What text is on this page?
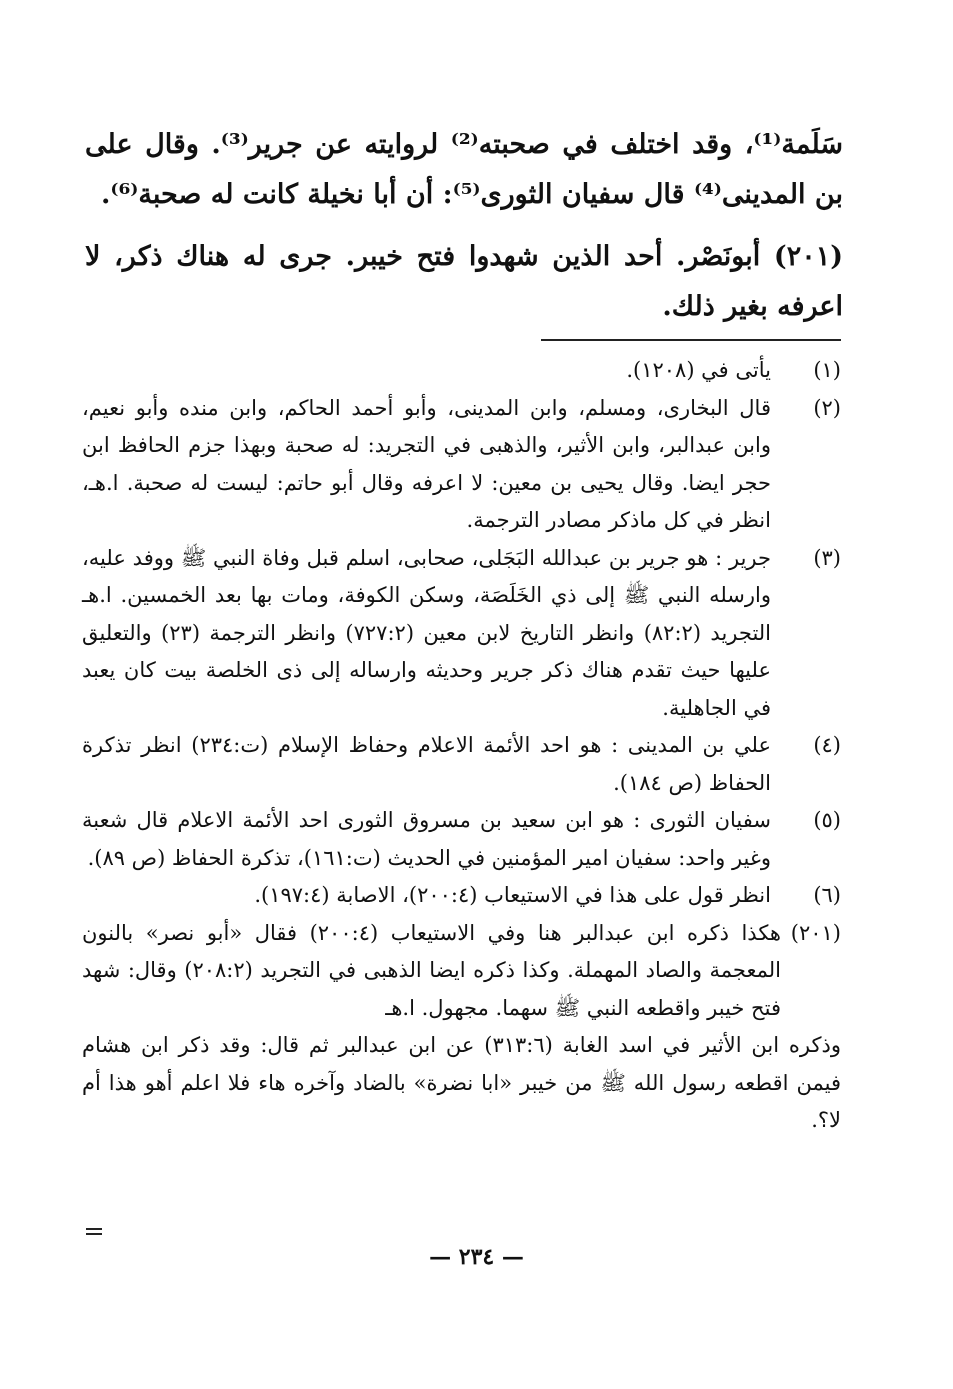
سَلَمة⁽¹⁾، وقد اختلف في صحبته⁽²⁾ لروايته عن جرير⁽³⁾. وقال على بن المدينى⁽⁴⁾ قال سفيان الثورى⁽⁵⁾: أن أبا نخيلة كانت له صحبة⁽⁶⁾.

(٢٠١) أبونَصْر. أحد الذين شهدوا فتح خيبر. جرى له هناك ذكر، لا اعرفه بغير ذلك.

(١)
يأتى في (١٢٠٨).
(٢)
قال البخارى، ومسلم، وابن المدينى، وأبو أحمد الحاكم، وابن منده وأبو نعيم، وابن عبدالبر، وابن الأثير، والذهبى في التجريد: له صحبة وبهذا جزم الحافظ ابن حجر ايضا. وقال يحيى بن معين: لا اعرفه وقال أبو حاتم: ليست له صحبة. ا.هـ، انظر في كل ماذكر مصادر الترجمة.
(٣)
جرير : هو جرير بن عبدالله البَجَلى، صحابى، اسلم قبل وفاة النبي ﷺ ووفد عليه، وارسله النبي ﷺ إلى ذي الخَلَصَة، وسكن الكوفة، ومات بها بعد الخمسين. ا.هـ التجريد (٨٢:٢) وانظر التاريخ لابن معين (٧٢٧:٢) وانظر الترجمة (٢٣) والتعليق عليها حيث تقدم هناك ذكر جرير وحديثه وارساله إلى ذى الخلصة بيت كان يعبد في الجاهلية.
(٤)
علي بن المدينى : هو احد الأئمة الاعلام وحفاظ الإسلام (ت:٢٣٤) انظر تذكرة الحفاظ (ص ١٨٤).
(٥)
سفيان الثورى : هو ابن سعيد بن مسروق الثورى احد الأئمة الاعلام قال شعبة وغير واحد: سفيان امير المؤمنين في الحديث (ت:١٦١)، تذكرة الحفاظ (ص ٨٩).
(٦)
انظر قول على هذا في الاستيعاب (٢٠٠:٤)، الاصابة (١٩٧:٤).
(٢٠١)
هكذا ذكره ابن عبدالبر هنا وفي الاستيعاب (٢٠٠:٤) فقال «أبو نصر» بالنون المعجمة والصاد المهملة. وكذا ذكره ايضا الذهبى في التجريد (٢٠٨:٢) وقال: شهد فتح خيبر واقطعه النبي ﷺ سهما. مجهول. ا.هـ
وذكره ابن الأثير في اسد الغابة (٣١٣:٦) عن ابن عبدالبر ثم قال: وقد ذكر ابن هشام فيمن اقطعه رسول الله ﷺ من خيبر «ابا نضرة» بالضاد وآخره هاء فلا اعلم أهو هذا أم لا؟.
— ٢٣٤ —
